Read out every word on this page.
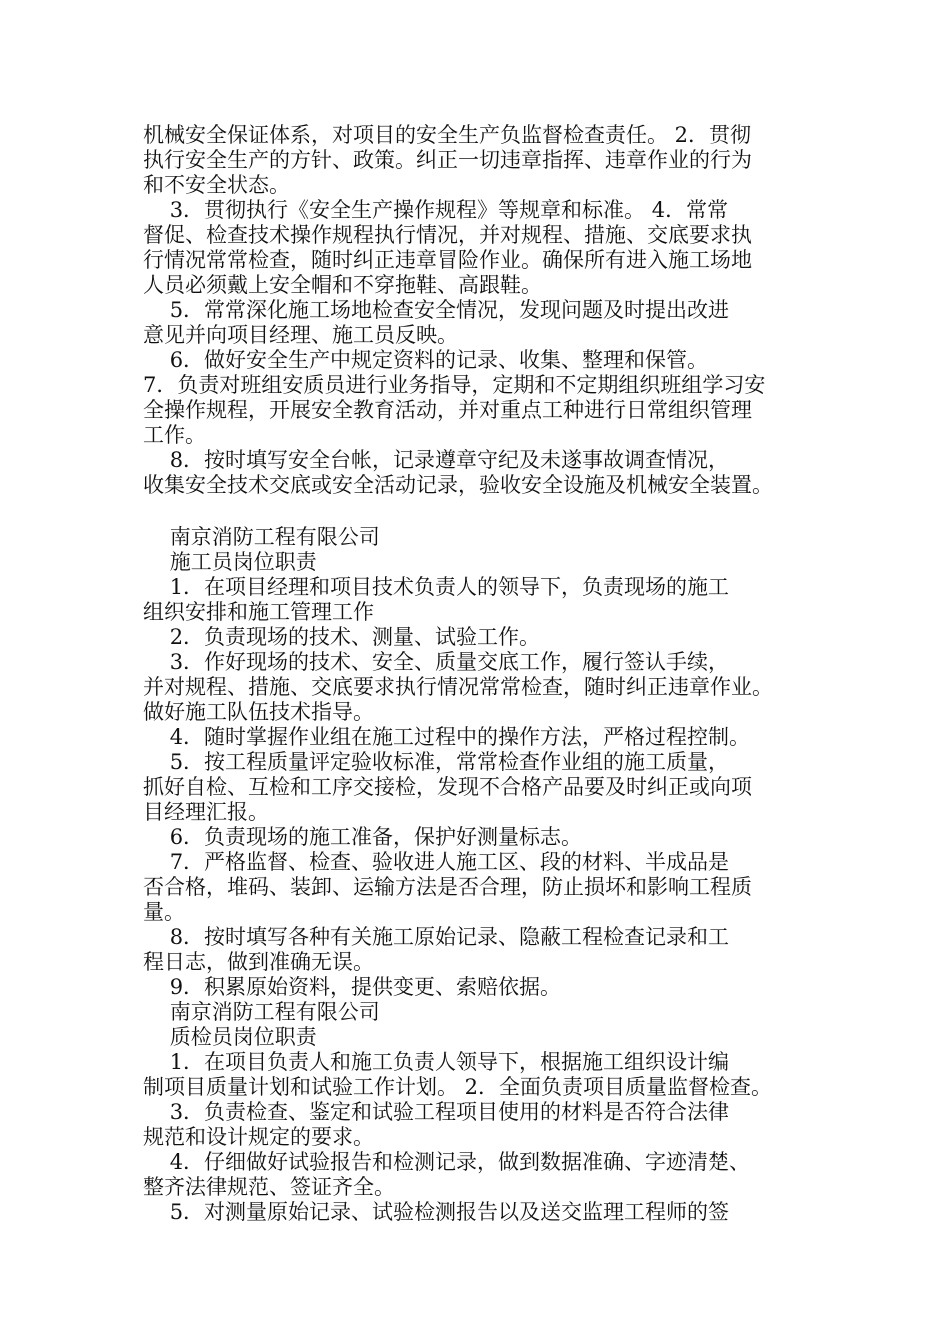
机械安全保证体系，对项目的安全生产负监督检查责任。 2．贯彻
执行安全生产的方针、政策。纠正一切违章指挥、违章作业的行为
和不安全状态。
3．贯彻执行《安全生产操作规程》等规章和标准。 4．常常
督促、检查技术操作规程执行情况，并对规程、措施、交底要求执
行情况常常检查，随时纠正违章冒险作业。确保所有进入施工场地
人员必须戴上安全帽和不穿拖鞋、高跟鞋。
5．常常深化施工场地检查安全情况，发现问题及时提出改进
意见并向项目经理、施工员反映。
6．做好安全生产中规定资料的记录、收集、整理和保管。
7．负责对班组安质员进行业务指导，定期和不定期组织班组学习安
全操作规程，开展安全教育活动，并对重点工种进行日常组织管理
工作。
8．按时填写安全台帐，记录遵章守纪及未遂事故调查情况，
收集安全技术交底或安全活动记录，验收安全设施及机械安全装置。
南京消防工程有限公司
施工员岗位职责
1．在项目经理和项目技术负责人的领导下，负责现场的施工
组织安排和施工管理工作
2．负责现场的技术、测量、试验工作。
3．作好现场的技术、安全、质量交底工作，履行签认手续，
并对规程、措施、交底要求执行情况常常检查，随时纠正违章作业。
做好施工队伍技术指导。
4．随时掌握作业组在施工过程中的操作方法，严格过程控制。
5．按工程质量评定验收标准，常常检查作业组的施工质量，
抓好自检、互检和工序交接检，发现不合格产品要及时纠正或向项
目经理汇报。
6．负责现场的施工准备，保护好测量标志。
7．严格监督、检查、验收进人施工区、段的材料、半成品是
否合格，堆码、装卸、运输方法是否合理，防止损坏和影响工程质
量。
8．按时填写各种有关施工原始记录、隐蔽工程检查记录和工
程日志，做到准确无误。
9．积累原始资料，提供变更、索赔依据。
南京消防工程有限公司
质检员岗位职责
1．在项目负责人和施工负责人领导下，根据施工组织设计编
制项目质量计划和试验工作计划。 2．全面负责项目质量监督检查。
3．负责检查、鉴定和试验工程项目使用的材料是否符合法律
规范和设计规定的要求。
4．仔细做好试验报告和检测记录，做到数据准确、字迹清楚、
整齐法律规范、签证齐全。
5．对测量原始记录、试验检测报告以及送交监理工程师的签
